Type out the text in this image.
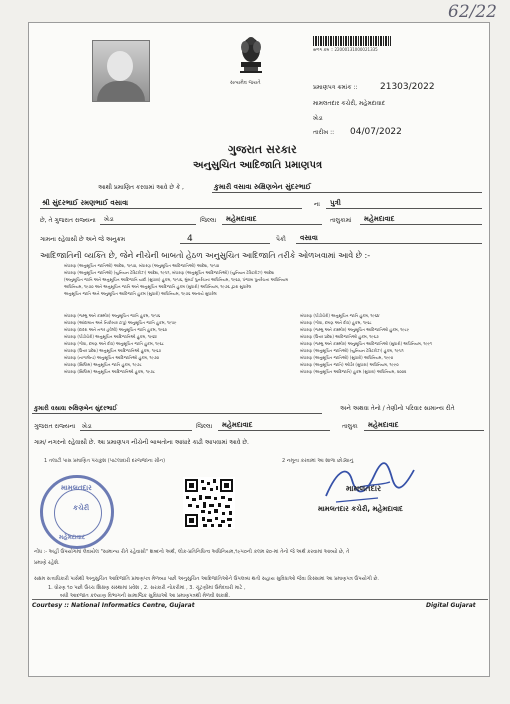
62/22
સત્યમેવ જયતે
સળગ ક્રમ :: 22000131000021335
પ્રમાણપત્ર ક્રમાંક ::	21303/2022
મામલતદાર કચેરી, મહેમદાવાદ
ખેડા
તારીખ :: 04/07/2022
ગુજરાત સરકાર
અનુસુચિત આદિજાતિ પ્રમાણપત્ર
આથી પ્રમાણિત કરવામાં આવે છે કે ,	કુમારી વસાવા રુક્ષિણબેન સુંદરભાઈ
શ્રી સુંદરભાઈ રમણભાઈ વસાવા	ના પુત્રી
છે, તે ગુજરાત રાજ્યના ખેડા	જિલ્લા મહેમદાવાદ	તાલુકામાં મહેમદાવાદ
ગામના રહેવાસી છે અને જે અનુક્રમ	4	પૈકી વસાવા
આદિજાતિની વ્યક્તિ છે, જેને નીચેની બાબતો હેઠળ અનુસુચિત આદિજાતિ તરીકે ઓળખવામાં આવે છે :-
બંધારણ (અનુસૂચિત જાતિઓ) આદેશ, ૧૯૫૦, બંધારણ (અનુસૂચિત આદિજાતિઓ) આદેશ, ૧૯૫૦
બંધારણ (અનુસૂચિત જાતિઓ) (યુનિયન ટેરિટરીઝ) આદેશ, ૧૯૫૧, બંધારણ (અનુસૂચિત આદિજાતિઓ) (યુનિયન ટેરિટરીઝ) આદેશ
(અનુસૂચિત જાતિ અને અનુસૂચિત આદિજાતિ યાદી (સુધારા) હુકમ, ૧૯૫૬, મુંબઈ પુનર્રચના અધિનિયમ, ૧૯૬૦, પંજાબ પુનર્રચના અધિનિયમ
અધિનિયમ, ૧૯૭૦ અને અનુસૂચિત જાતિ અને અનુસૂચિત આદિજાતિ હુકમ (સુધારો) અધિનિયમ, ૧૯૭૬ દ્વારા સુધારેલ
અનુસૂચિત જાતિ અને અનુસૂચિત આદિજાતિ હુકમ (સુધારો) અધિનિયમ, ૧૯૭૬ અન્વયે સુધારેલ
બંધારણ (જમ્મુ અને કાશ્મીર) અનુસૂચિત જાતિ હુકમ, ૧૯૫૬
બંધારણ (આંદામાન અને નિકોબાર ટાપુ) અનુસૂચિત જાતિ હુકમ, ૧૯૫૯
બંધારણ (દાદરા અને નગર હવેલી) અનુસૂચિત જાતિ હુકમ, ૧૯૬૨
બંધારણ (પોંડીચેરી) અનુસૂચિત આદિજાતિઓ હુકમ, ૧૯૬૪
બંધારણ (ગોવા, દમણ અને દીવ) અનુસૂચિત જાતિ હુકમ, ૧૯૬૮
બંધારણ (ઉત્તર પ્રદેશ) અનુસૂચિત આદિજાતિઓ હુકમ, ૧૯૬૭
બંધારણ (નાગાલેન્ડ) અનુસૂચિત આદિજાતિઓ હુકમ, ૧૯૭૦
બંધારણ (સિક્કિમ) અનુસૂચિત જાતિ હુકમ, ૧૯૭૮
બંધારણ (સિક્કિમ) અનુસૂચિત આદિજાતિઓ હુકમ, ૧૯૭૮
બંધારણ (પોંડીચેરી) અનુસૂચિત જાતિ હુકમ, ૧૯૬૪
બંધારણ (ગોવા, દમણ અને દીવ) હુકમ, ૧૯૬૮
બંધારણ (જમ્મુ અને કાશ્મીર) અનુસૂચિત આદિજાતિઓ હુકમ, ૧૯૮૯
બંધારણ (ઉત્તર પ્રદેશ) આદિજાતિઓ હુકમ, ૧૯૬૭
બંધારણ (જમ્મુ અને કાશ્મીર) અનુસૂચિત આદિજાતિઓ (સુધારો) અધિનિયમ, ૧૯૯૧
બંધારણ (અનુસૂચિત જાતિઓ) (યુનિયન ટેરિટરીઝ) હુકમ, ૧૯૫૧
બંધારણ (અનુસૂચિત જાતિઓ) (સુધારો) અધિનિયમ, ૧૯૯૦
બંધારણ (અનુસૂચિત જાતિ) ઓર્ડર (સુધારા) અધિનિયમ, ૧૯૯૦
બંધારણ (અનુસૂચિત આદિજાતિ) હુકમ (સુધારા) અધિનિયમ, ૨૦૦૨
કુમારી વસાવા રુક્ષિણબેન સુંદરભાઈ	અને અથવા તેનો / તેણીનો પરિવાર સામાન્ય રીતે
ગુજરાત રાજ્યના ખેડા	જિલ્લા મહેમદાવાદ	તાલુકા મહેમદાવાદ
ગામ/ નગરનો રહેવાસી છે. આ પ્રમાણપત્ર નીચેની બાબતોના આધારે કાઢી આપવામાં આવે છે.
1 તલાટી પાસ પ્રમાણિત પંચકુશ (પાટલાદારી દરજ્જાના ગ્રીન)	2 નમૂના કરવામાં આ શાળા છોડ્યાનું
મામલતદાર
કચેરી
મહેમદાવાદ
મામલતદાર
મામલતદાર કચેરી, મહેમદાવાદ
નોંધ :- અહીં ઉપયોગમાં લેવાયેલ "સામાન્ય રીતે રહેવાસી" શબ્દનો અર્થ, લોક-પ્રતિનિધિત્વ અધિનિયમ,૧૯૫૦ની કલમ ૨૦-માં તેનો જે અર્થ કરવામાં આવ્યો છે, તે
પ્રમાણે રહેશે.
સક્ષમ સત્તાધિકારી પાસેથી અનુસુચિત આદિજાતિ પ્રમાણપત્ર મેળવ્યા પછી અનુસુચિત આદિજાતિઓને ઉપલબ્ધ થતી સહાય સુવિધાઓ જેવા કિસ્સામાં આ પ્રમાણપત્ર ઉપયોગી છે.
1. ધોરણ ૧૦ પછી ઉચ્ચ શિક્ષણ સંસ્થામાં પ્રવેશ , 2. સરકારી નોકરીમાં , 3. ચૂંટણીમાં ઉમેદવારી માટે ,
બધી આદજાત કલ્યાણ વિભાગની સામાજિક સુવિધાઓ આ પ્રમાણપત્રથી મેળવી શકાશે.
Courtesy :: National Informatics Centre, Gujarat	Digital Gujarat
